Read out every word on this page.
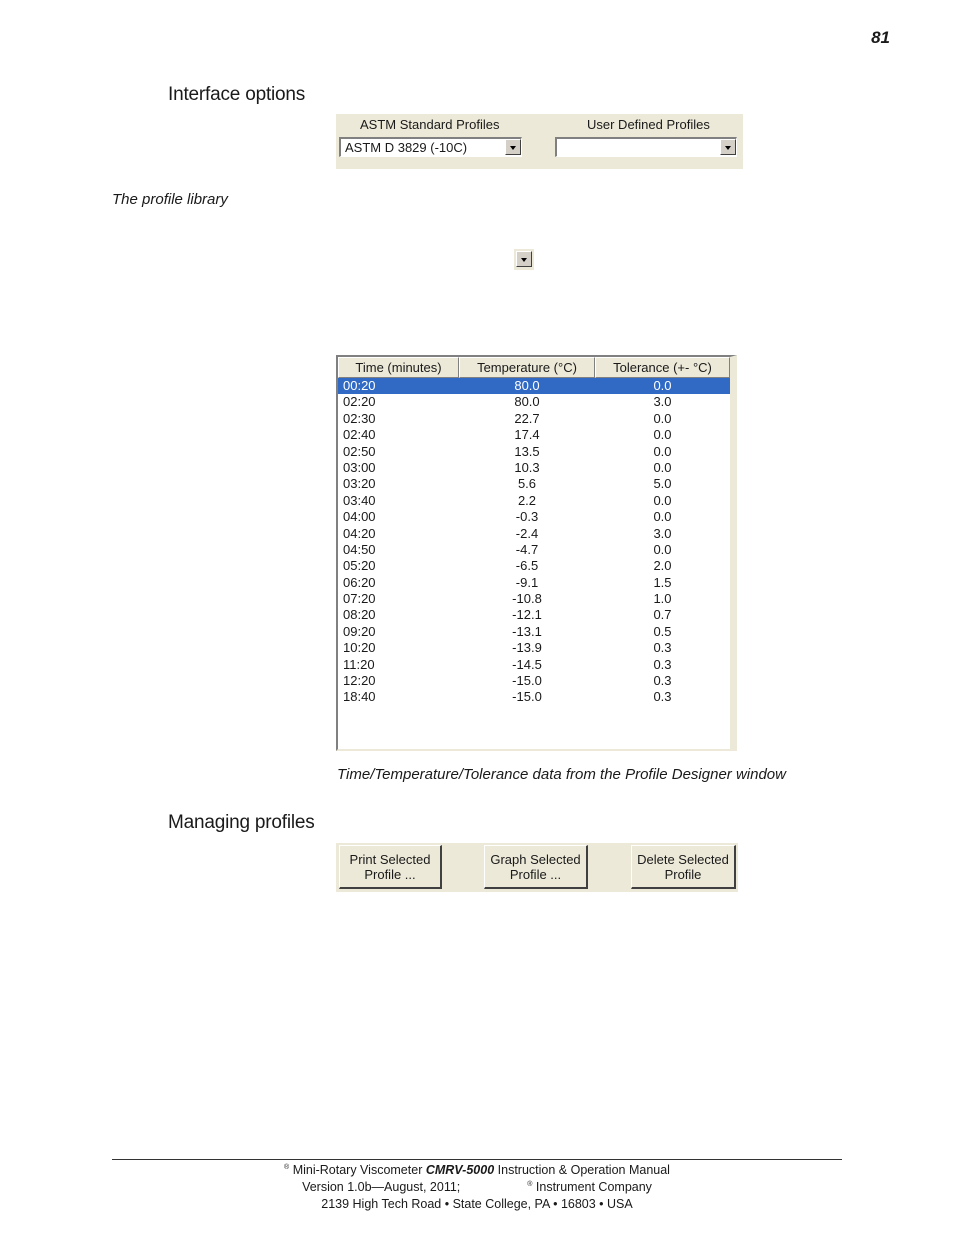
81
Interface options
ASTM Standard Profiles	User Defined Profiles
ASTM D 3829 (-10C)
The profile library
Time (minutes)	Temperature (°C)	Tolerance (+- °C)
00:20	80.0	0.0
02:20	80.0	3.0
02:30	22.7	0.0
02:40	17.4	0.0
02:50	13.5	0.0
03:00	10.3	0.0
03:20	5.6	5.0
03:40	2.2	0.0
04:00	-0.3	0.0
04:20	-2.4	3.0
04:50	-4.7	0.0
05:20	-6.5	2.0
06:20	-9.1	1.5
07:20	-10.8	1.0
08:20	-12.1	0.7
09:20	-13.1	0.5
10:20	-13.9	0.3
11:20	-14.5	0.3
12:20	-15.0	0.3
18:40	-15.0	0.3
Time/Temperature/Tolerance data from the Profile Designer window
Managing profiles
Print Selected
Profile ...
Graph Selected
Profile ...
Delete Selected
Profile
® Mini-Rotary Viscometer CMRV-5000 Instruction & Operation Manual
Version 1.0b—August, 2011;	® Instrument Company
2139 High Tech Road • State College, PA • 16803 • USA
